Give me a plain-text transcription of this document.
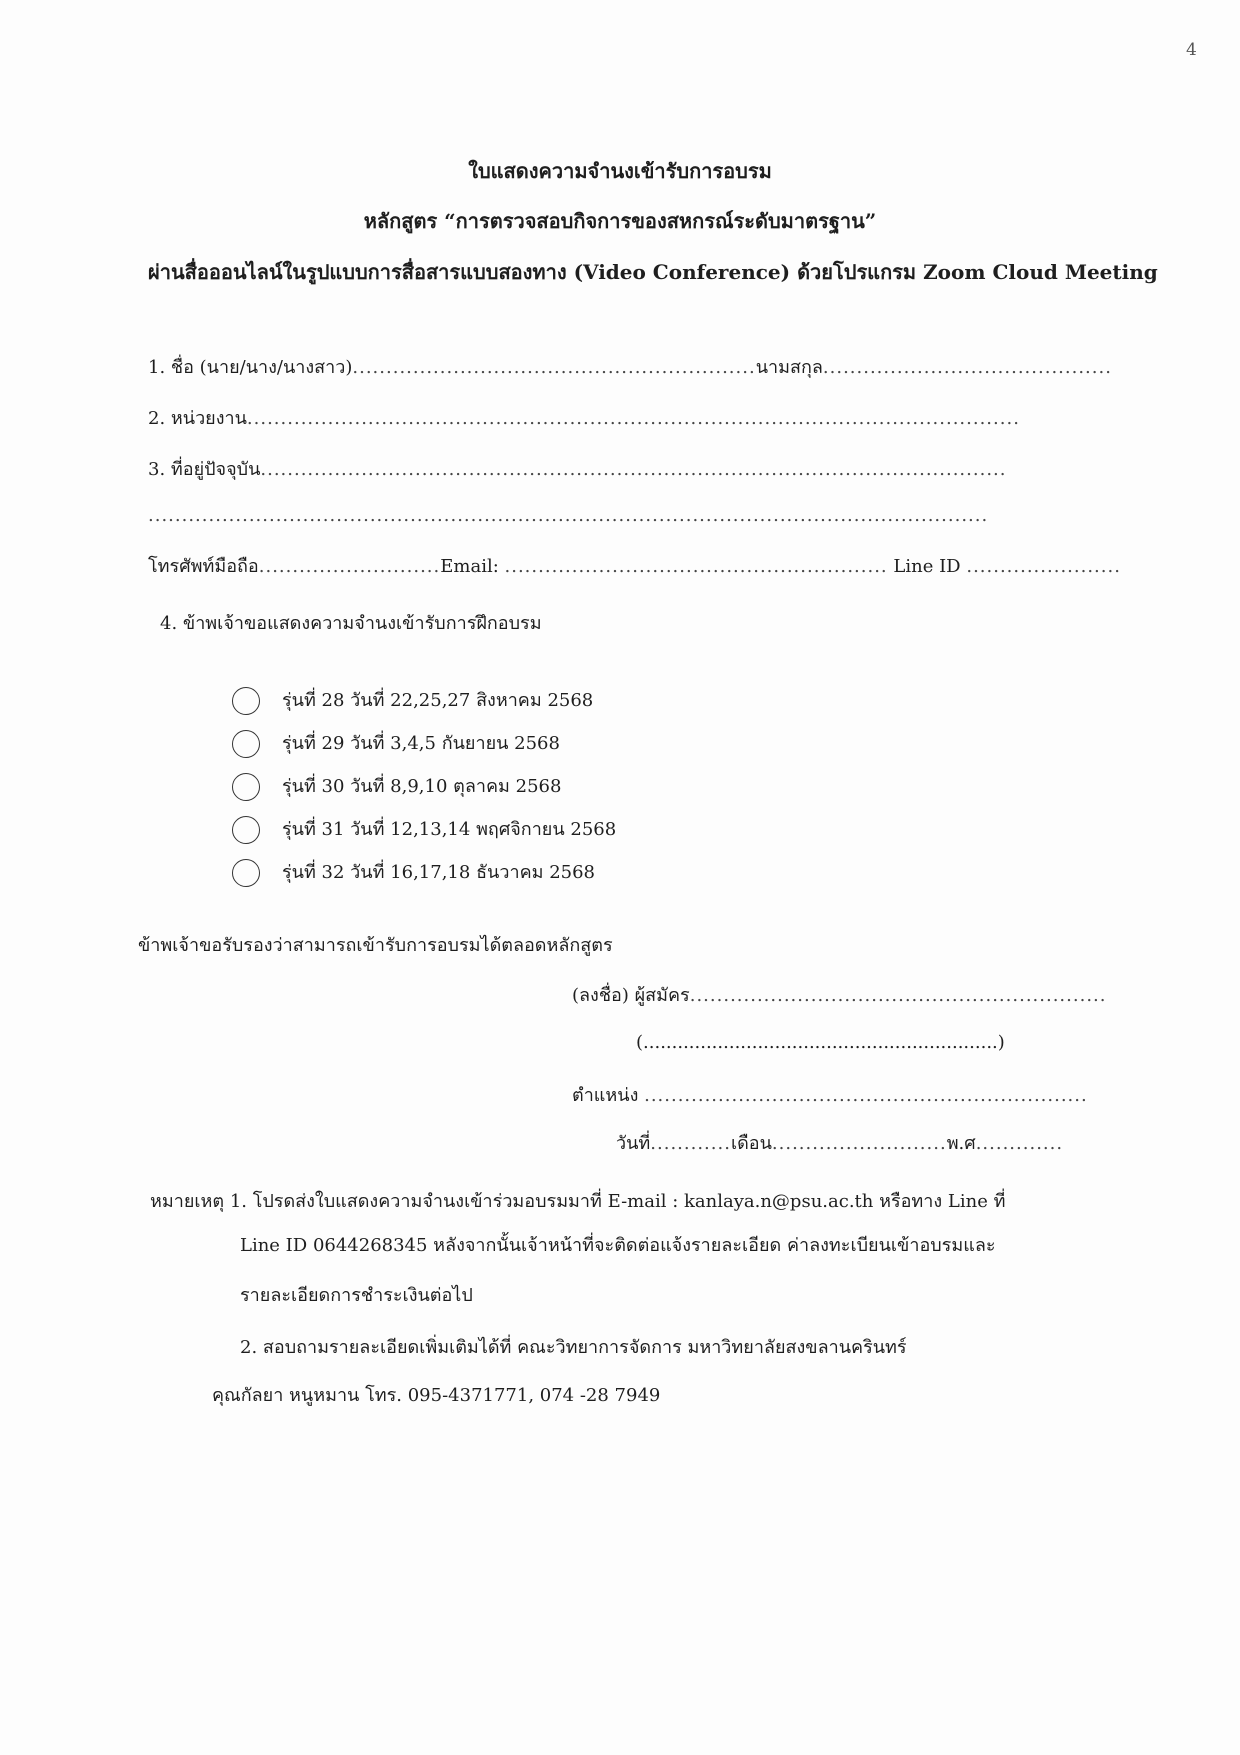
4
ใบแสดงความจำนงเข้ารับการอบรม
หลักสูตร “การตรวจสอบกิจการของสหกรณ์ระดับมาตรฐาน”
ผ่านสื่อออนไลน์ในรูปแบบการสื่อสารแบบสองทาง (Video Conference) ด้วยโปรแกรม Zoom Cloud Meeting
1. ชื่อ (นาย/นาง/นางสาว)............................................................นามสกุล...........................................
2. หน่วยงาน...................................................................................................................
3. ที่อยู่ปัจจุบัน...............................................................................................................
.............................................................................................................................
โทรศัพท์มือถือ...........................Email: ......................................................... Line ID .......................
4. ข้าพเจ้าขอแสดงความจำนงเข้ารับการฝึกอบรม
รุ่นที่ 28 วันที่ 22,25,27 สิงหาคม 2568
รุ่นที่ 29 วันที่ 3,4,5 กันยายน 2568
รุ่นที่ 30 วันที่ 8,9,10 ตุลาคม 2568
รุ่นที่ 31 วันที่ 12,13,14 พฤศจิกายน 2568
รุ่นที่ 32 วันที่ 16,17,18 ธันวาคม 2568
ข้าพเจ้าขอรับรองว่าสามารถเข้ารับการอบรมได้ตลอดหลักสูตร
(ลงชื่อ) ผู้สมัคร..............................................................
(..............................................................)
ตำแหน่ง ..................................................................
วันที่............เดือน..........................พ.ศ.............
หมายเหตุ 1. โปรดส่งใบแสดงความจำนงเข้าร่วมอบรมมาที่ E-mail : kanlaya.n@psu.ac.th หรือทาง Line ที่
Line ID 0644268345 หลังจากนั้นเจ้าหน้าที่จะติดต่อแจ้งรายละเอียด ค่าลงทะเบียนเข้าอบรมและ
รายละเอียดการชำระเงินต่อไป
2. สอบถามรายละเอียดเพิ่มเติมได้ที่ คณะวิทยาการจัดการ มหาวิทยาลัยสงขลานครินทร์
คุณกัลยา หนูหมาน โทร. 095-4371771, 074 -28 7949
